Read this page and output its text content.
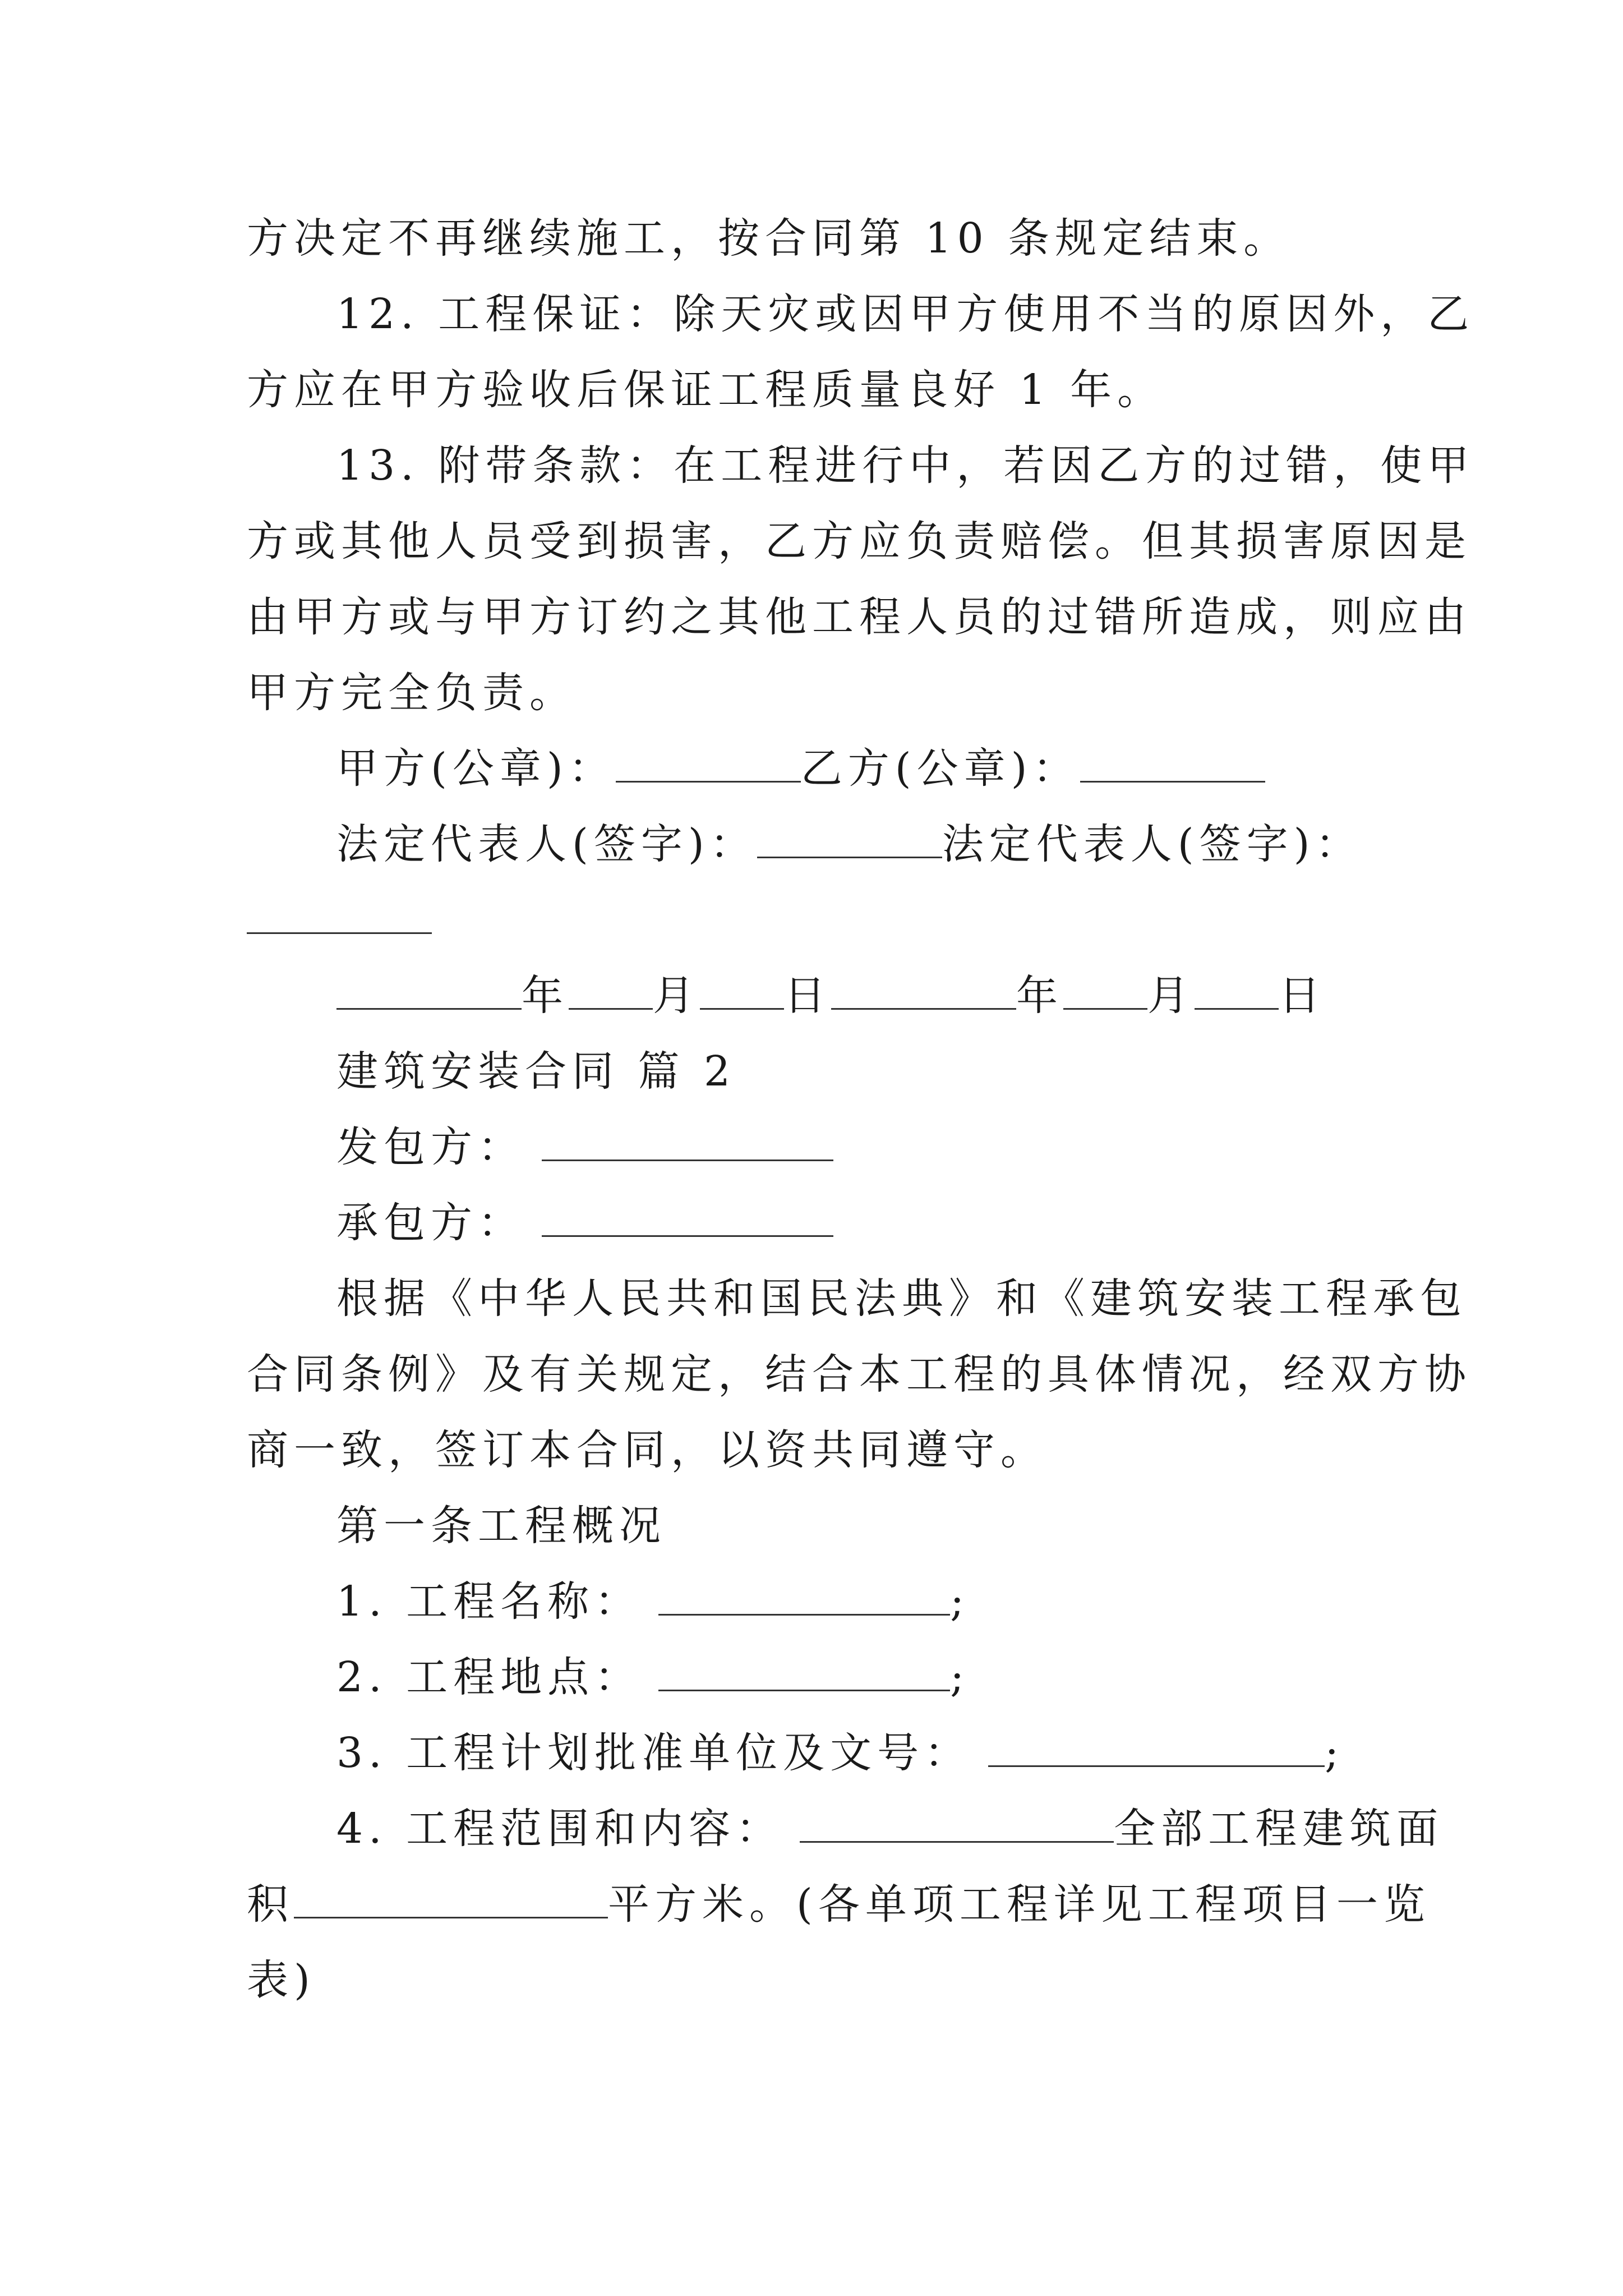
方决定不再继续施工，按合同第 10 条规定结束。
12. 工程保证：除天灾或因甲方使用不当的原因外，乙
方应在甲方验收后保证工程质量良好 1 年。
13. 附带条款：在工程进行中，若因乙方的过错，使甲
方或其他人员受到损害，乙方应负责赔偿。但其损害原因是
由甲方或与甲方订约之其他工程人员的过错所造成，则应由
甲方完全负责。
甲方(公章)：	乙方(公章)：
法定代表人(签字)：	法定代表人(签字)：
年 月 日	年 月 日
建筑安装合同 篇 2
发包方：
承包方：
根据《中华人民共和国民法典》和《建筑安装工程承包
合同条例》及有关规定，结合本工程的具体情况，经双方协
商一致，签订本合同，以资共同遵守。
第一条工程概况
1. 工程名称：	;
2. 工程地点：	;
3. 工程计划批准单位及文号：	;
4. 工程范围和内容：	全部工程建筑面
积	平方米。(各单项工程详见工程项目一览
表)
